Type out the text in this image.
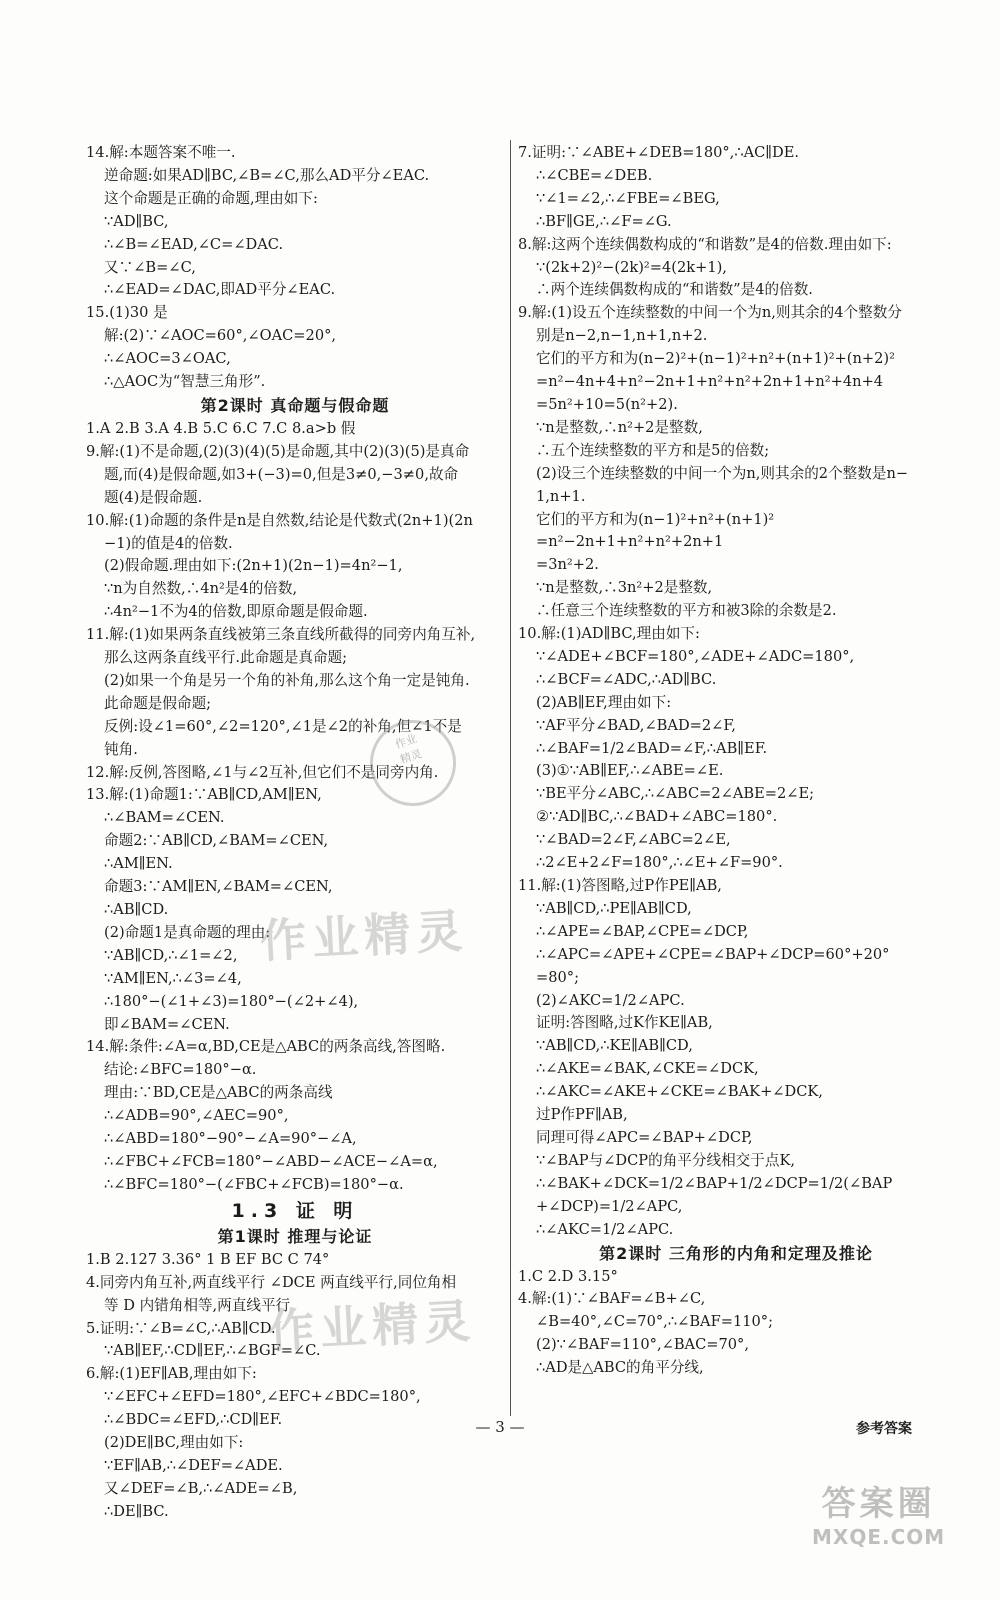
14.解:本题答案不唯一.
逆命题:如果AD∥BC,∠B=∠C,那么AD平分∠EAC.
这个命题是正确的命题,理由如下:
∵AD∥BC,
∴∠B=∠EAD,∠C=∠DAC.
又∵∠B=∠C,
∴∠EAD=∠DAC,即AD平分∠EAC.
15.(1)30 是
解:(2)∵∠AOC=60°,∠OAC=20°,
∴∠AOC=3∠OAC,
∴△AOC为“智慧三角形”.
第2课时 真命题与假命题
1.A 2.B 3.A 4.B 5.C 6.C 7.C 8.a>b 假
9.解:(1)不是命题,(2)(3)(4)(5)是命题,其中(2)(3)(5)是真命
题,而(4)是假命题,如3+(−3)=0,但是3≠0,−3≠0,故命
题(4)是假命题.
10.解:(1)命题的条件是n是自然数,结论是代数式(2n+1)(2n
−1)的值是4的倍数.
(2)假命题.理由如下:(2n+1)(2n−1)=4n²−1,
∵n为自然数,∴4n²是4的倍数,
∴4n²−1不为4的倍数,即原命题是假命题.
11.解:(1)如果两条直线被第三条直线所截得的同旁内角互补,
那么这两条直线平行.此命题是真命题;
(2)如果一个角是另一个角的补角,那么这个角一定是钝角.
此命题是假命题;
反例:设∠1=60°,∠2=120°,∠1是∠2的补角,但∠1不是
钝角.
12.解:反例,答图略,∠1与∠2互补,但它们不是同旁内角.
13.解:(1)命题1:∵AB∥CD,AM∥EN,
∴∠BAM=∠CEN.
命题2:∵AB∥CD,∠BAM=∠CEN,
∴AM∥EN.
命题3:∵AM∥EN,∠BAM=∠CEN,
∴AB∥CD.
(2)命题1是真命题的理由:
∵AB∥CD,∴∠1=∠2,
∵AM∥EN,∴∠3=∠4,
∴180°−(∠1+∠3)=180°−(∠2+∠4),
即∠BAM=∠CEN.
14.解:条件:∠A=α,BD,CE是△ABC的两条高线,答图略.
结论:∠BFC=180°−α.
理由:∵BD,CE是△ABC的两条高线
∴∠ADB=90°,∠AEC=90°,
∴∠ABD=180°−90°−∠A=90°−∠A,
∴∠FBC+∠FCB=180°−∠ABD−∠ACE−∠A=α,
∴∠BFC=180°−(∠FBC+∠FCB)=180°−α.
1.3 证 明
第1课时 推理与论证
1.B 2.127 3.36° 1 B EF BC C 74°
4.同旁内角互补,两直线平行 ∠DCE 两直线平行,同位角相
等 D 内错角相等,两直线平行
5.证明:∵∠B=∠C,∴AB∥CD.
∵AB∥EF,∴CD∥EF,∴∠BGF=∠C.
6.解:(1)EF∥AB,理由如下:
∵∠EFC+∠EFD=180°,∠EFC+∠BDC=180°,
∴∠BDC=∠EFD,∴CD∥EF.
(2)DE∥BC,理由如下:
∵EF∥AB,∴∠DEF=∠ADE.
又∠DEF=∠B,∴∠ADE=∠B,
∴DE∥BC.
7.证明:∵∠ABE+∠DEB=180°,∴AC∥DE.
∴∠CBE=∠DEB.
∵∠1=∠2,∴∠FBE=∠BEG,
∴BF∥GE,∴∠F=∠G.
8.解:这两个连续偶数构成的“和谐数”是4的倍数.理由如下:
∵(2k+2)²−(2k)²=4(2k+1),
∴两个连续偶数构成的“和谐数”是4的倍数.
9.解:(1)设五个连续整数的中间一个为n,则其余的4个整数分
别是n−2,n−1,n+1,n+2.
它们的平方和为(n−2)²+(n−1)²+n²+(n+1)²+(n+2)²
=n²−4n+4+n²−2n+1+n²+n²+2n+1+n²+4n+4
=5n²+10=5(n²+2).
∵n是整数,∴n²+2是整数,
∴五个连续整数的平方和是5的倍数;
(2)设三个连续整数的中间一个为n,则其余的2个整数是n−
1,n+1.
它们的平方和为(n−1)²+n²+(n+1)²
=n²−2n+1+n²+n²+2n+1
=3n²+2.
∵n是整数,∴3n²+2是整数,
∴任意三个连续整数的平方和被3除的余数是2.
10.解:(1)AD∥BC,理由如下:
∵∠ADE+∠BCF=180°,∠ADE+∠ADC=180°,
∴∠BCF=∠ADC,∴AD∥BC.
(2)AB∥EF,理由如下:
∵AF平分∠BAD,∠BAD=2∠F,
∴∠BAF=1/2∠BAD=∠F,∴AB∥EF.
(3)①∵AB∥EF,∴∠ABE=∠E.
∵BE平分∠ABC,∴∠ABC=2∠ABE=2∠E;
②∵AD∥BC,∴∠BAD+∠ABC=180°.
∵∠BAD=2∠F,∠ABC=2∠E,
∴2∠E+2∠F=180°,∴∠E+∠F=90°.
11.解:(1)答图略,过P作PE∥AB,
∵AB∥CD,∴PE∥AB∥CD,
∴∠APE=∠BAP,∠CPE=∠DCP,
∴∠APC=∠APE+∠CPE=∠BAP+∠DCP=60°+20°
=80°;
(2)∠AKC=1/2∠APC.
证明:答图略,过K作KE∥AB,
∵AB∥CD,∴KE∥AB∥CD,
∴∠AKE=∠BAK,∠CKE=∠DCK,
∴∠AKC=∠AKE+∠CKE=∠BAK+∠DCK,
过P作PF∥AB,
同理可得∠APC=∠BAP+∠DCP,
∵∠BAP与∠DCP的角平分线相交于点K,
∴∠BAK+∠DCK=1/2∠BAP+1/2∠DCP=1/2(∠BAP
+∠DCP)=1/2∠APC,
∴∠AKC=1/2∠APC.
第2课时 三角形的内角和定理及推论
1.C 2.D 3.15°
4.解:(1)∵∠BAF=∠B+∠C,
∠B=40°,∠C=70°,∴∠BAF=110°;
(2)∵∠BAF=110°,∠BAC=70°,
∴AD是△ABC的角平分线,
作业精灵
作业精灵
作业
精灵
— 3 —	参考答案
答案圈
MXQE.COM
